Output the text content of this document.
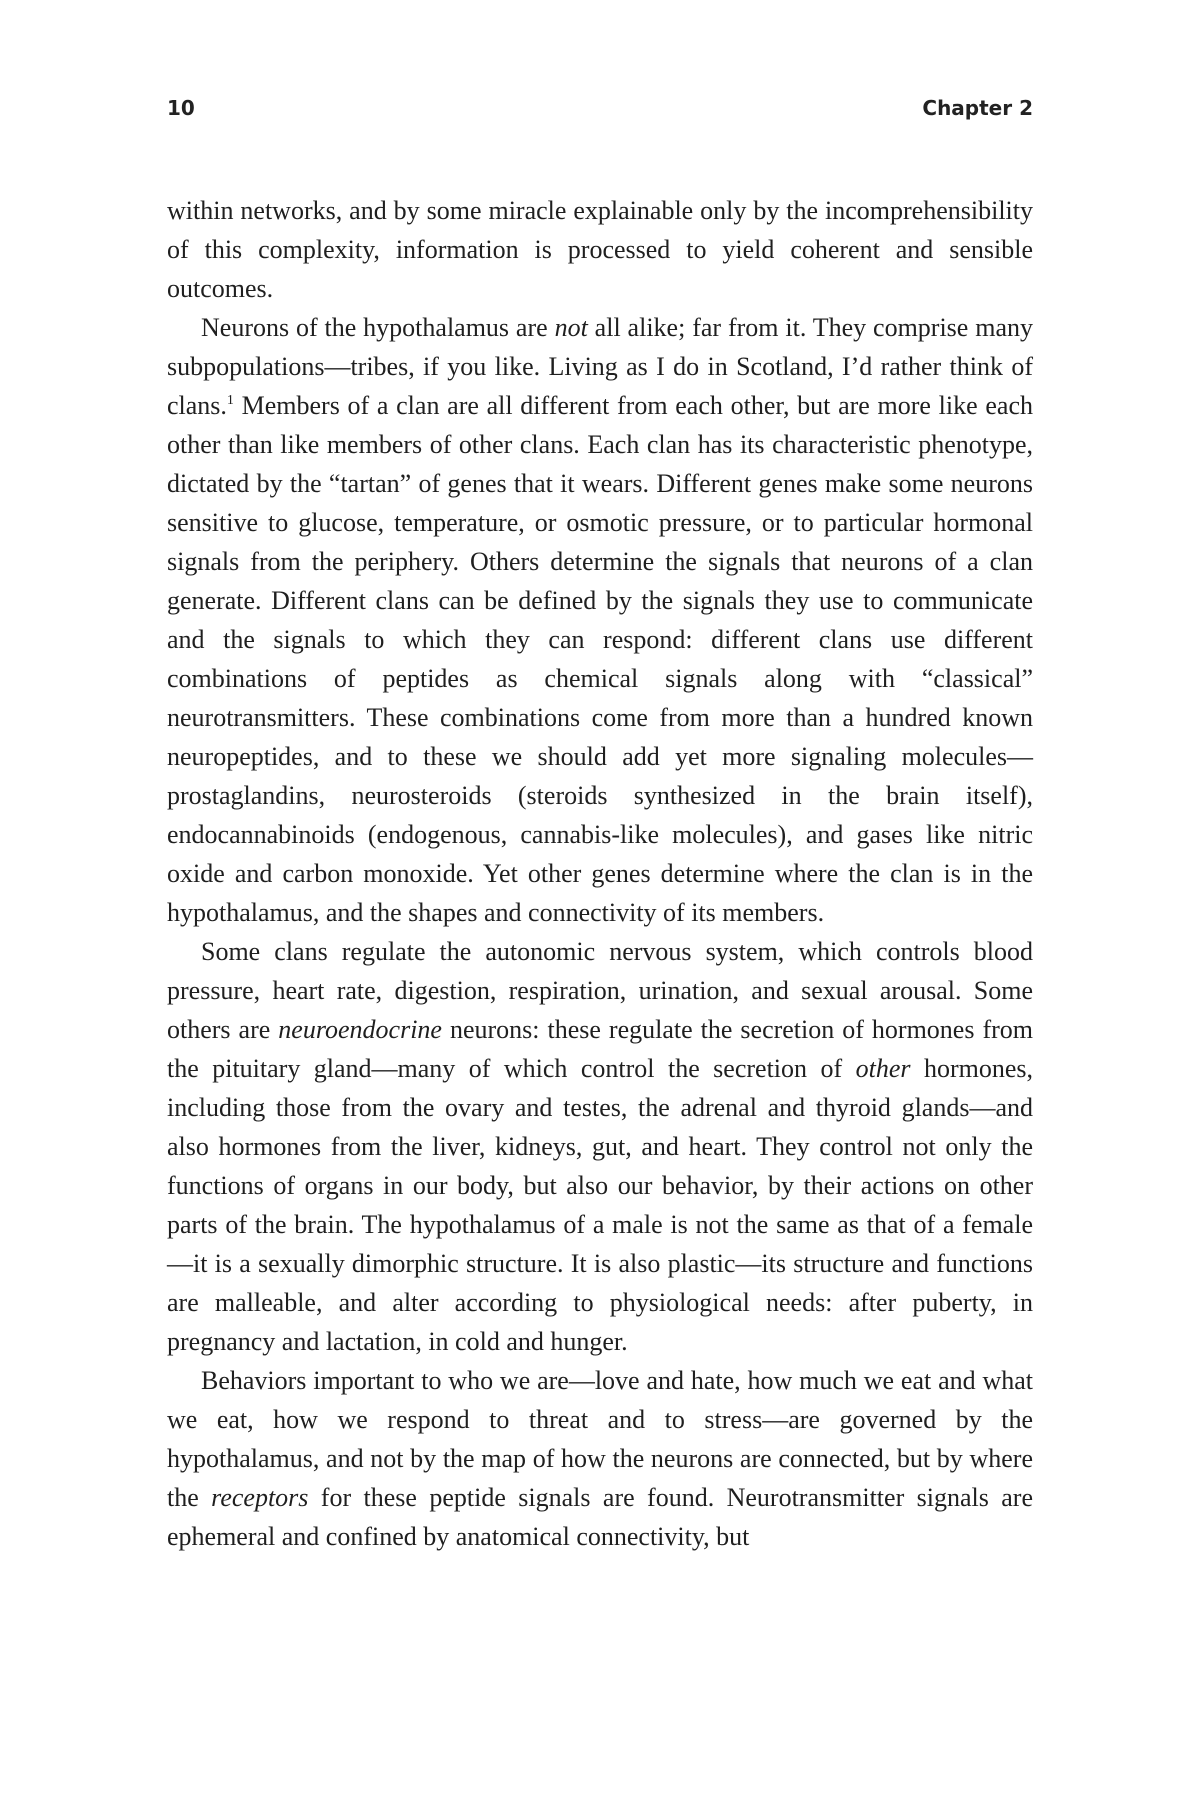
10	Chapter 2

within networks, and by some miracle explainable only by the incomprehensibility of this complexity, information is processed to yield coherent and sensible outcomes.

Neurons of the hypothalamus are not all alike; far from it. They comprise many subpopulations—tribes, if you like. Living as I do in Scotland, I’d rather think of clans.$^1$ Members of a clan are all different from each other, but are more like each other than like members of other clans. Each clan has its characteristic phenotype, dictated by the “tartan” of genes that it wears. Different genes make some neurons sensitive to glucose, temperature, or osmotic pressure, or to particular hormonal signals from the periphery. Others determine the signals that neurons of a clan generate. Different clans can be defined by the signals they use to communicate and the signals to which they can respond: different clans use different combinations of peptides as chemical signals along with “classical” neurotransmitters. These combinations come from more than a hundred known neuropeptides, and to these we should add yet more signaling molecules—prostaglandins, neurosteroids (steroids synthesized in the brain itself), endocannabinoids (endogenous, cannabis-like molecules), and gases like nitric oxide and carbon monoxide. Yet other genes determine where the clan is in the hypothalamus, and the shapes and connectivity of its members.

Some clans regulate the autonomic nervous system, which controls blood pressure, heart rate, digestion, respiration, urination, and sexual arousal. Some others are neuroendocrine neurons: these regulate the secretion of hormones from the pituitary gland—many of which control the secretion of other hormones, including those from the ovary and testes, the adrenal and thyroid glands—and also hormones from the liver, kidneys, gut, and heart. They control not only the functions of organs in our body, but also our behavior, by their actions on other parts of the brain. The hypothalamus of a male is not the same as that of a female—it is a sexually dimorphic structure. It is also plastic—its structure and functions are malleable, and alter according to physiological needs: after puberty, in pregnancy and lactation, in cold and hunger.

Behaviors important to who we are—love and hate, how much we eat and what we eat, how we respond to threat and to stress—are governed by the hypothalamus, and not by the map of how the neurons are connected, but by where the receptors for these peptide signals are found. Neurotransmitter signals are ephemeral and confined by anatomical connectivity, but
